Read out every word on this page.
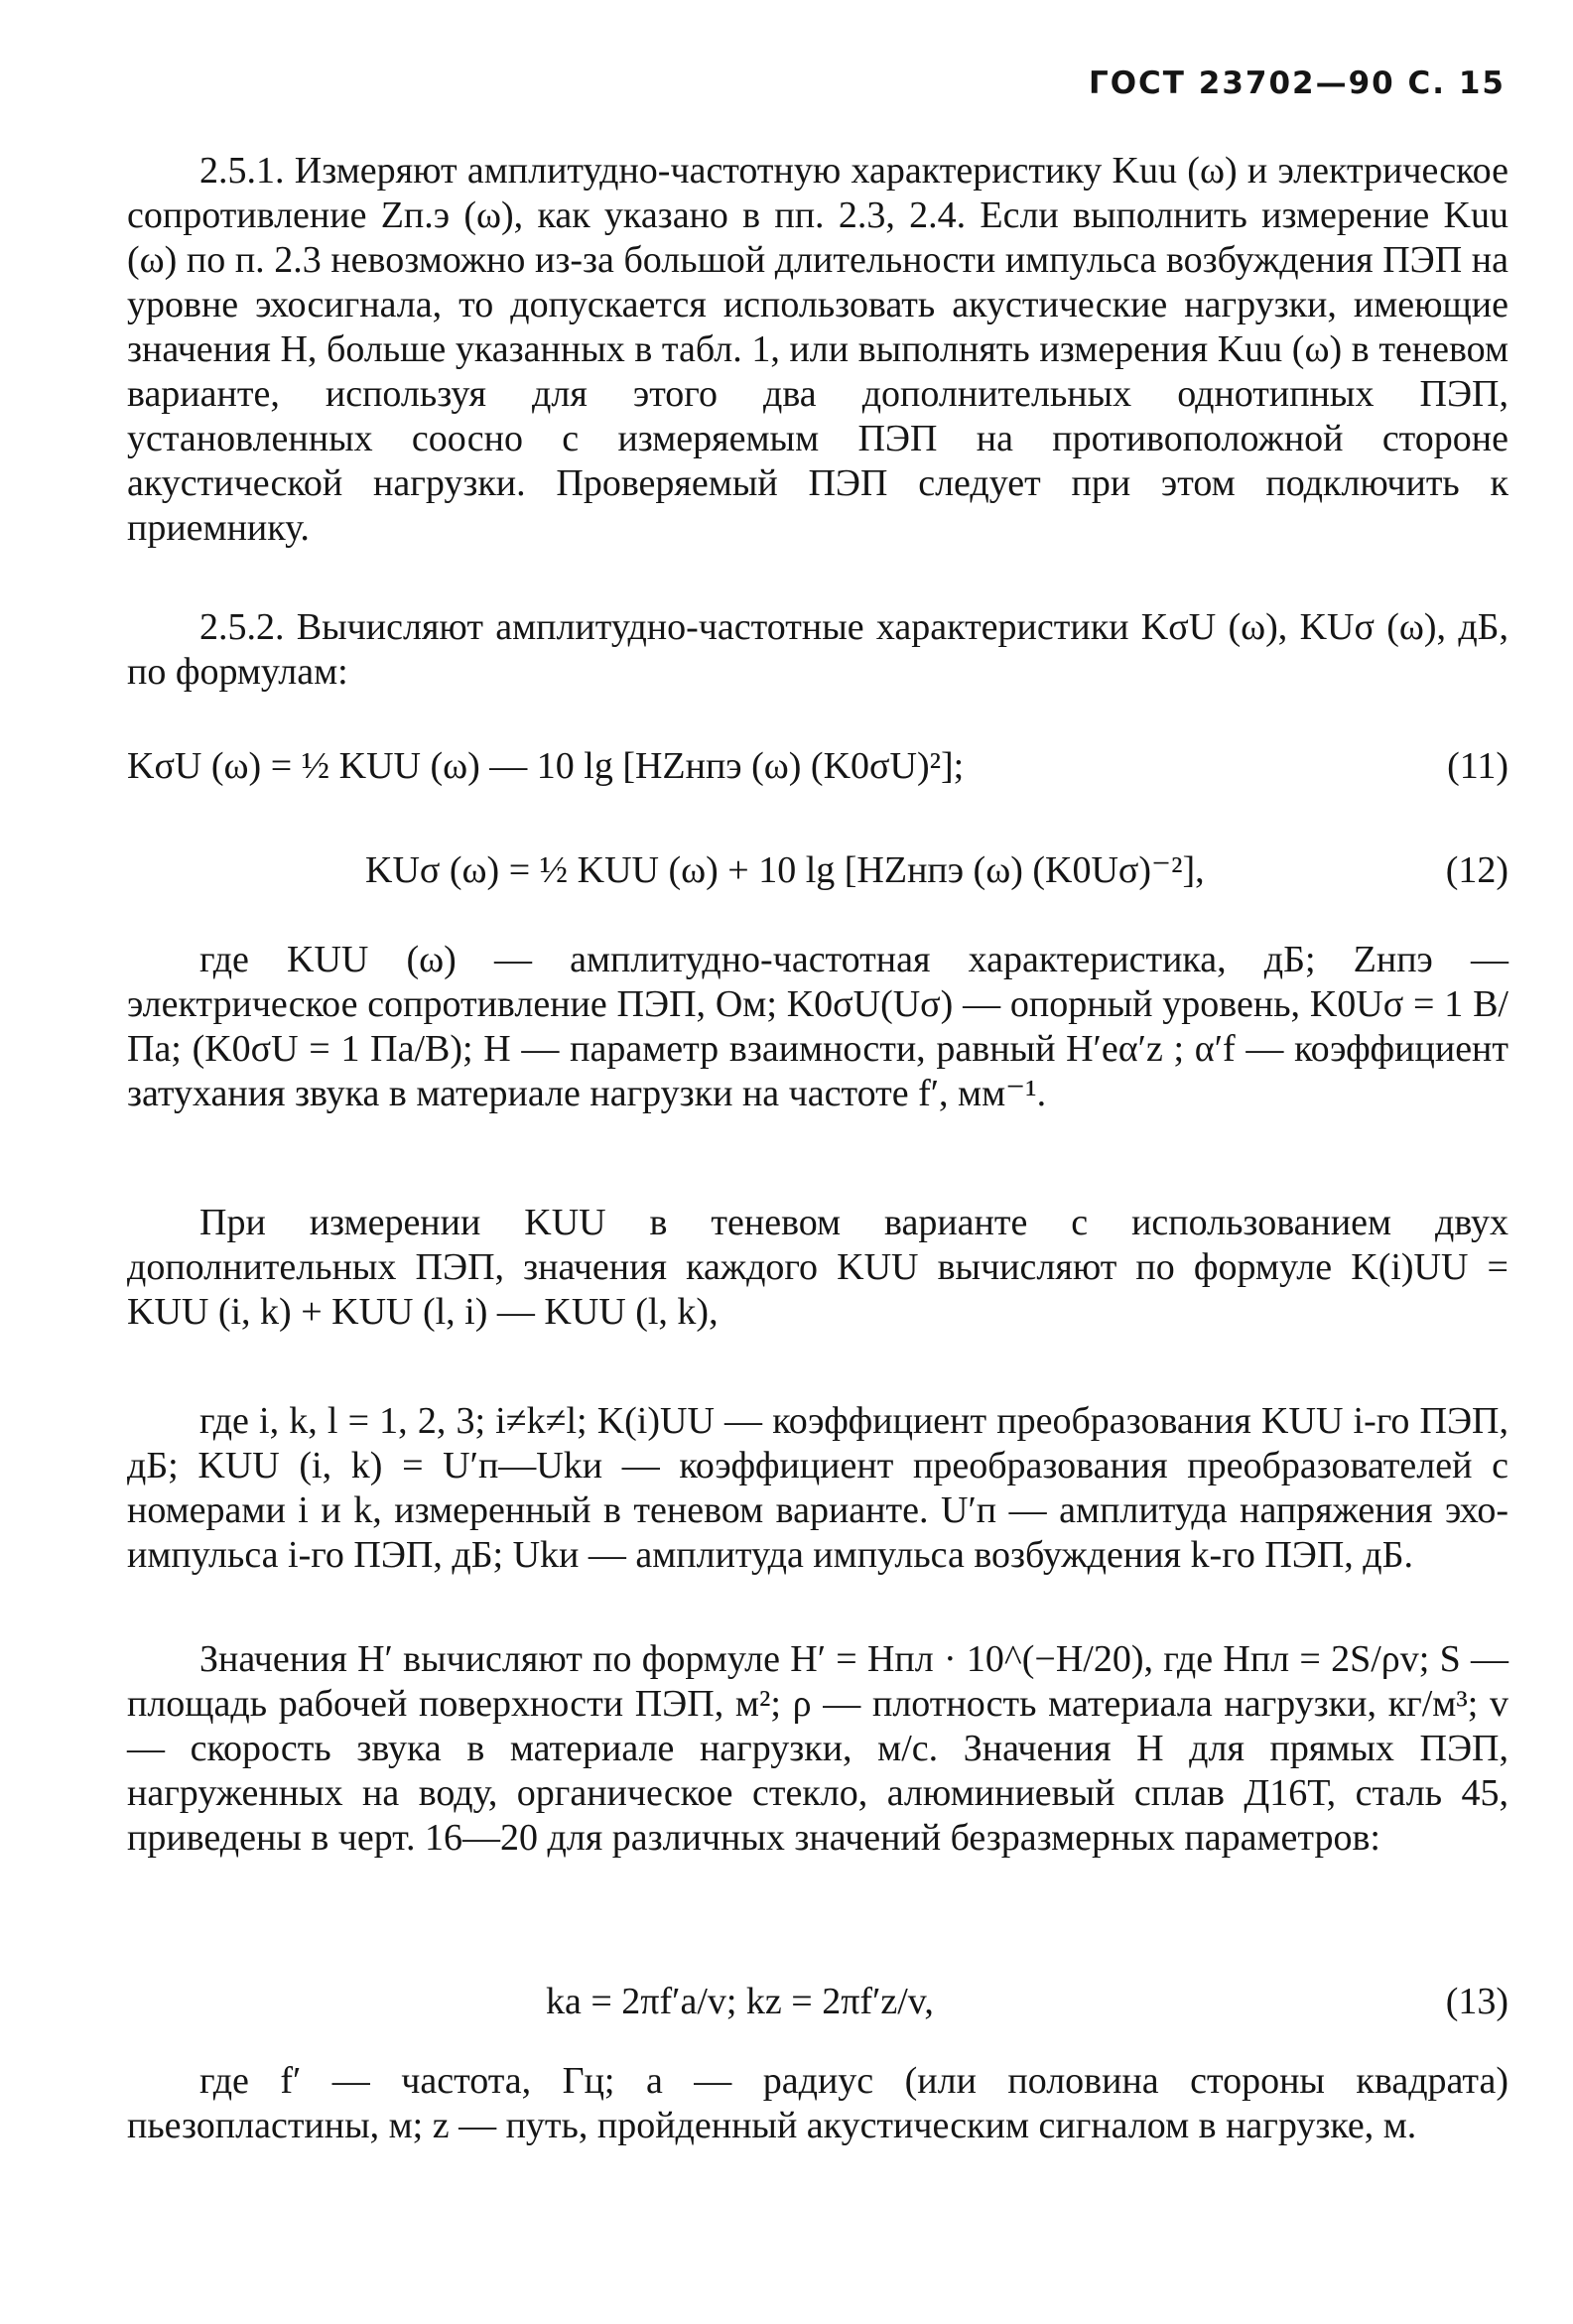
ГОСТ 23702—90 С. 15

2.5.1. Измеряют амплитудно-частотную характеристику Kuu (ω) и электрическое сопротивление Zп.э (ω), как указано в пп. 2.3, 2.4. Если выполнить измерение Kuu (ω) по п. 2.3 невозможно из-за большой длительности импульса возбуждения ПЭП на уровне эхосигнала, то допускается использовать акустические нагрузки, имеющие значения H, больше указанных в табл. 1, или выполнять измерения Kuu (ω) в теневом варианте, используя для этого два дополнительных однотипных ПЭП, установленных соосно с измеряемым ПЭП на противоположной стороне акустической нагрузки. Проверяемый ПЭП следует при этом подключить к приемнику.

2.5.2. Вычисляют амплитудно-частотные характеристики KσU (ω), KUσ (ω), дБ, по формулам:

KσU (ω) = ½ KUU (ω) — 10 lg [HZнпэ (ω) (K0σU)²];	(11)
KUσ (ω) = ½ KUU (ω) + 10 lg [HZнпэ (ω) (K0Uσ)⁻²],	(12)

где KUU (ω) — амплитудно-частотная характеристика, дБ; Zнпэ — электрическое сопротивление ПЭП, Ом; K0σU(Uσ) — опорный уровень, K0Uσ = 1 В/Па; (K0σU = 1 Па/В); H — параметр взаимности, равный H′eα′z ; α′f — коэффициент затухания звука в материале нагрузки на частоте f′, мм⁻¹.

При измерении KUU в теневом варианте с использованием двух дополнительных ПЭП, значения каждого KUU вычисляют по формуле K(i)UU = KUU (i, k) + KUU (l, i) — KUU (l, k),

где i, k, l = 1, 2, 3; i≠k≠l; K(i)UU — коэффициент преобразования KUU i-го ПЭП, дБ; KUU (i, k) = U′п—Ukи — коэффициент преобразования преобразователей с номерами i и k, измеренный в теневом варианте. U′п — амплитуда напряжения эхо-импульса i-го ПЭП, дБ; Ukи — амплитуда импульса возбуждения k-го ПЭП, дБ.

Значения H′ вычисляют по формуле H′ = Hпл · 10^(−H/20), где Hпл = 2S/ρv; S — площадь рабочей поверхности ПЭП, м²; ρ — плотность материала нагрузки, кг/м³; v — скорость звука в материале нагрузки, м/с. Значения H для прямых ПЭП, нагруженных на воду, органическое стекло, алюминиевый сплав Д16Т, сталь 45, приведены в черт. 16—20 для различных значений безразмерных параметров:

ka = 2πf′a/v; kz = 2πf′z/v,	(13)

где f′ — частота, Гц; a — радиус (или половина стороны квадрата) пьезопластины, м; z — путь, пройденный акустическим сигналом в нагрузке, м.
